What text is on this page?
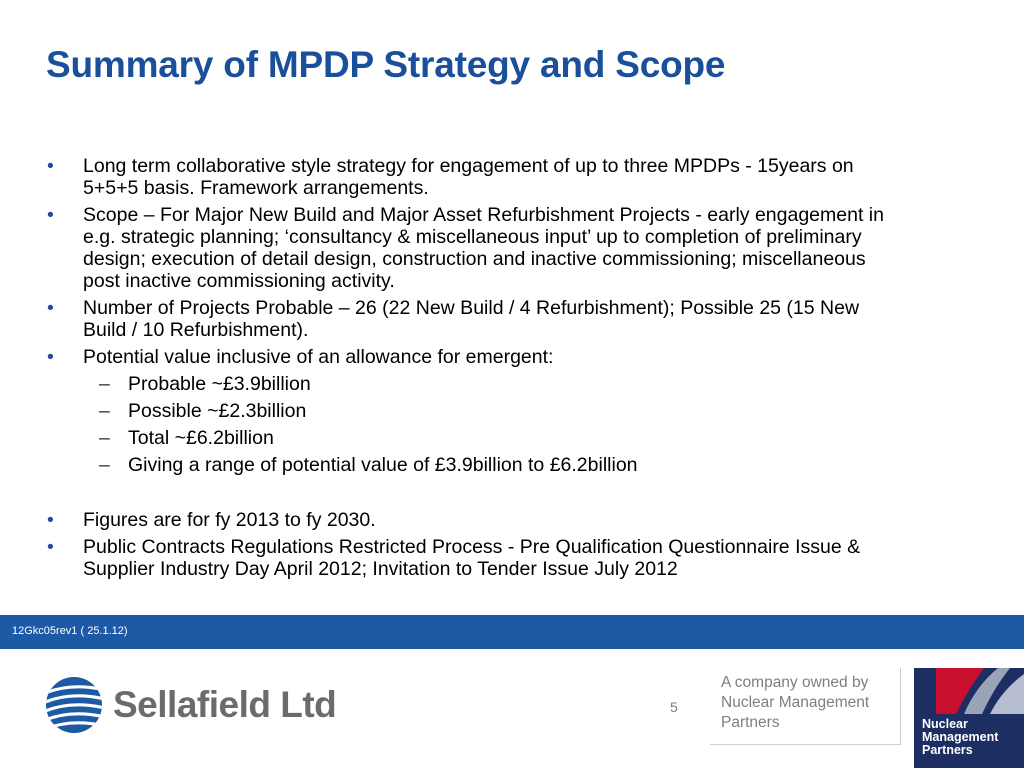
Summary of MPDP Strategy and Scope
• Long term collaborative style strategy for engagement of up to three MPDPs - 15years on 5+5+5 basis. Framework arrangements.
• Scope – For Major New Build and Major Asset Refurbishment Projects - early engagement in e.g. strategic planning; ‘consultancy & miscellaneous input’ up to completion of preliminary design; execution of detail design, construction and inactive commissioning; miscellaneous post inactive commissioning activity.
• Number of Projects Probable – 26 (22 New Build / 4 Refurbishment); Possible 25 (15 New Build / 10 Refurbishment).
• Potential value inclusive of an allowance for emergent:
– Probable ~£3.9billion
– Possible ~£2.3billion
– Total ~£6.2billion
– Giving a range of potential value of £3.9billion to £6.2billion
• Figures are for fy 2013 to fy 2030.
• Public Contracts Regulations Restricted Process - Pre Qualification Questionnaire Issue & Supplier Industry Day April 2012; Invitation to Tender Issue July 2012
12Gkc05rev1 ( 25.1.12)
Sellafield Ltd	5
A company owned by
Nuclear Management
Partners	Nuclear
Management
Partners
